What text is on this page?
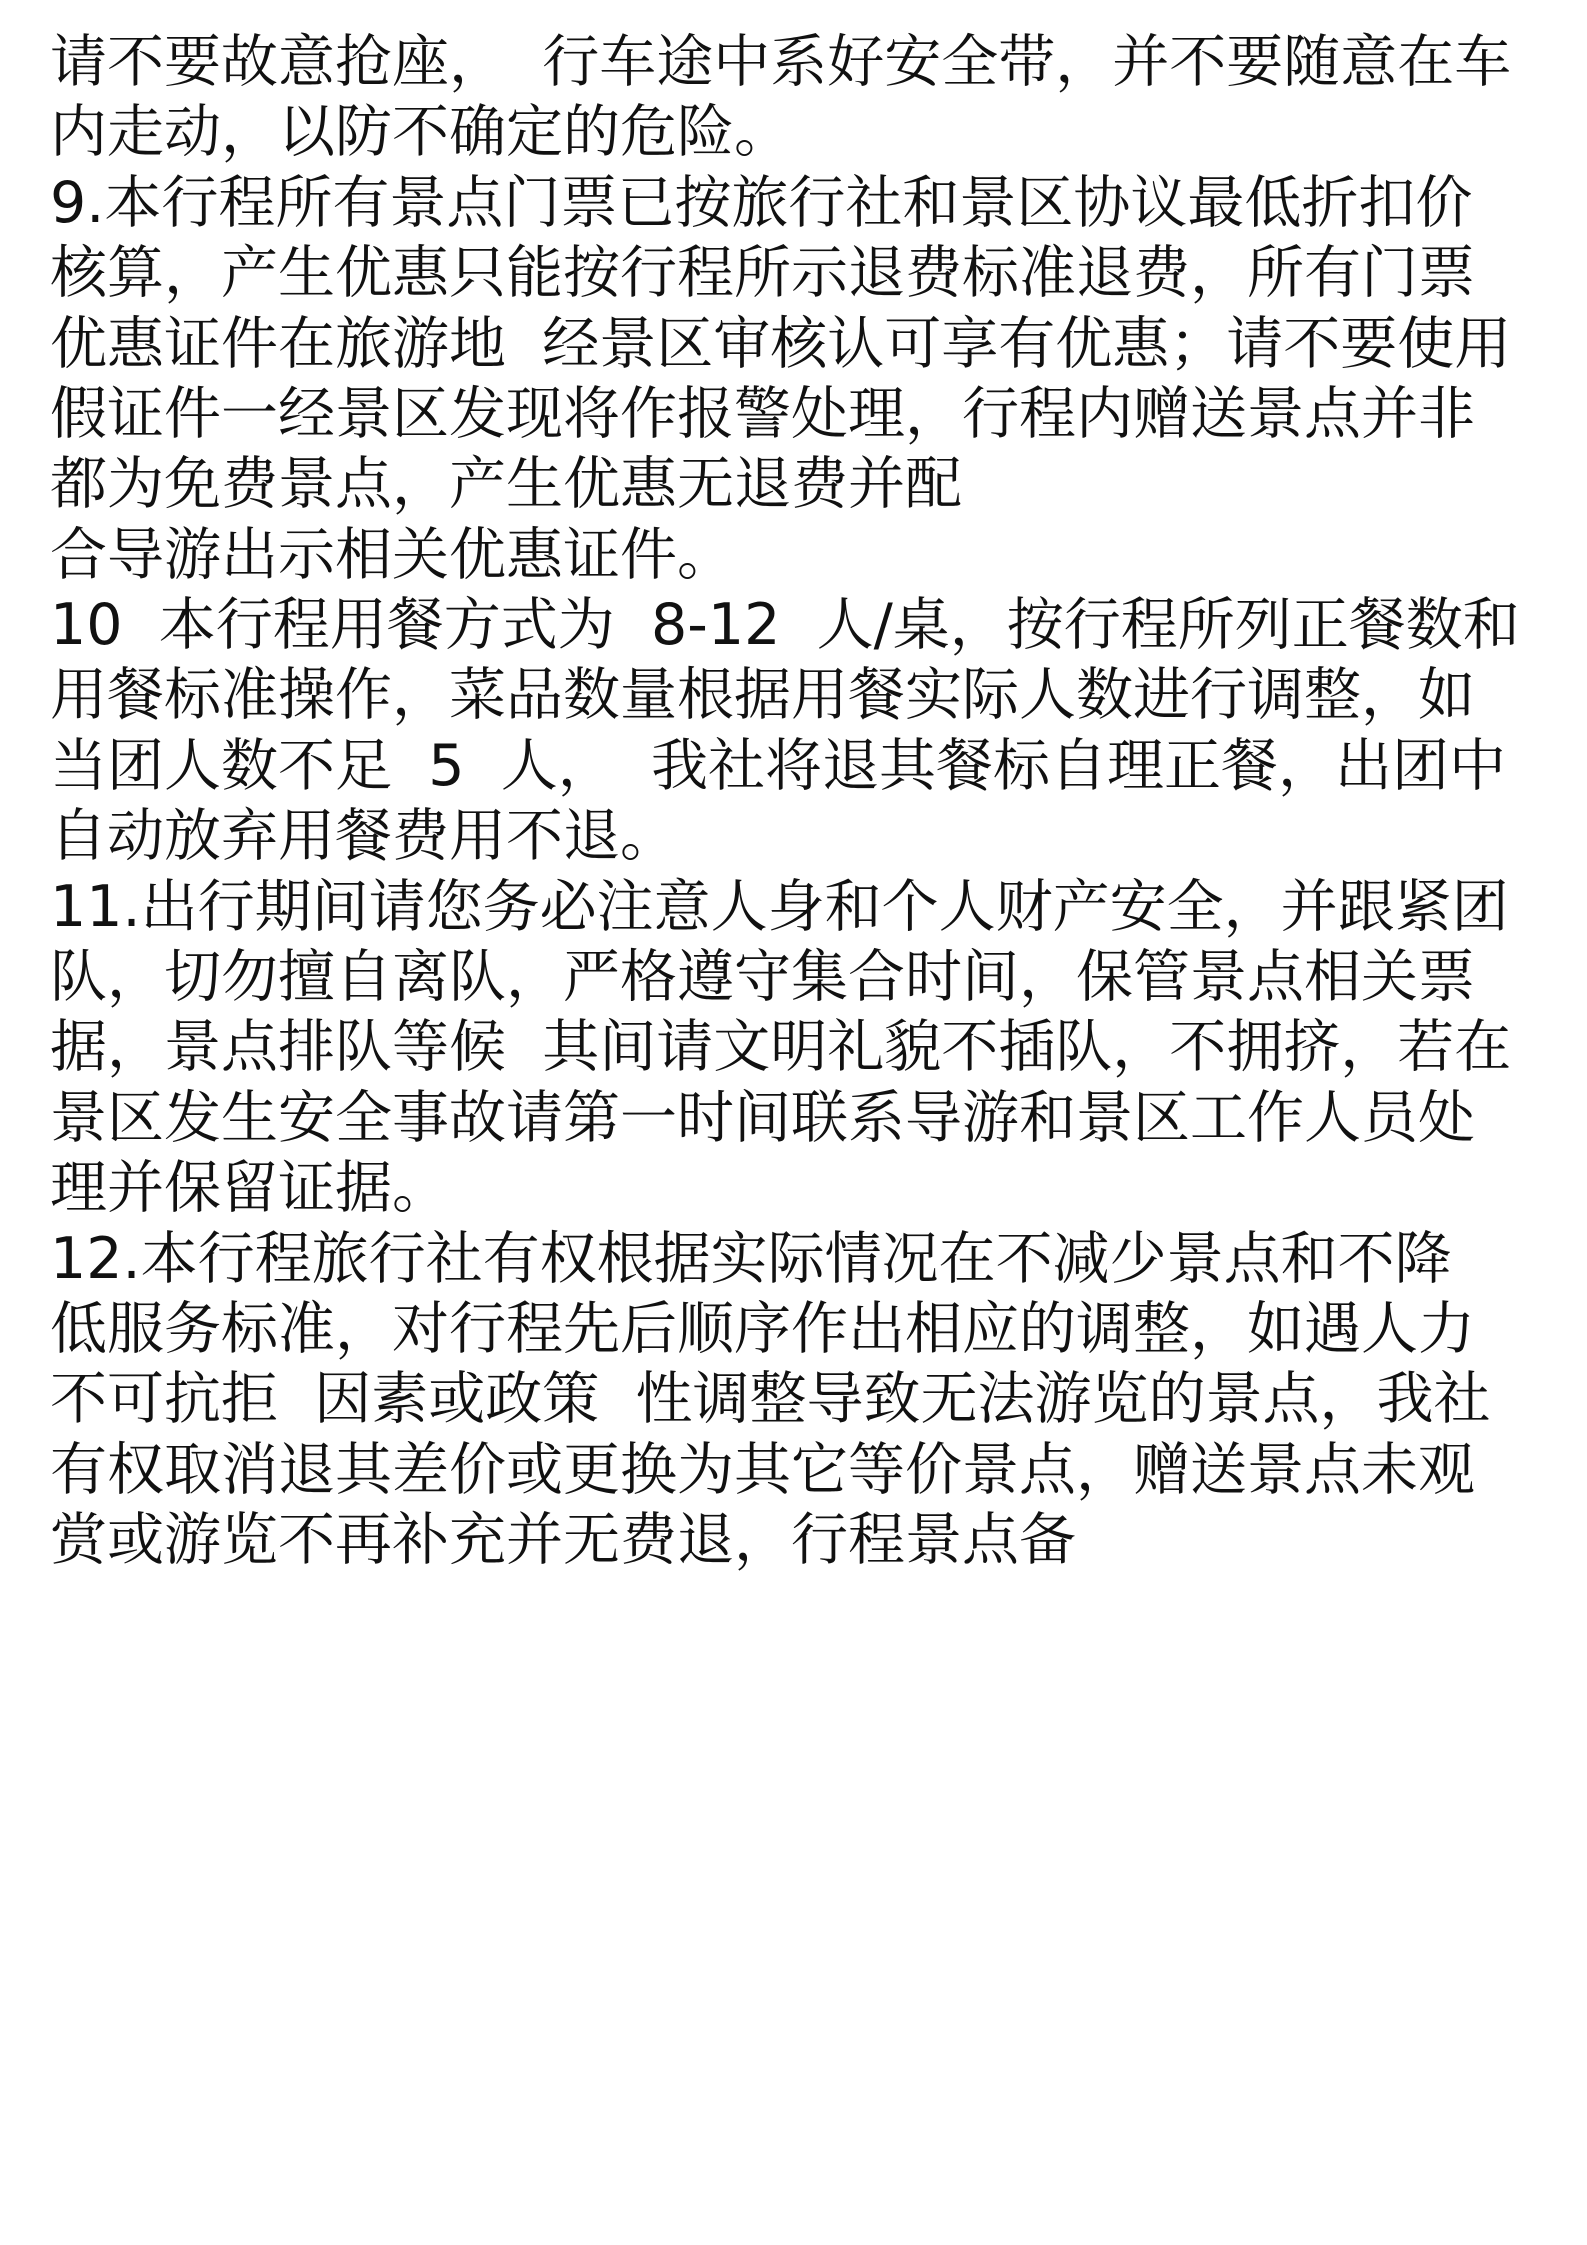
请不要故意抢座，  行车途中系好安全带，并不要随意在车
内走动，以防不确定的危险。
9.本行程所有景点门票已按旅行社和景区协议最低折扣价
核算，产生优惠只能按行程所示退费标准退费，所有门票
优惠证件在旅游地  经景区审核认可享有优惠；请不要使用
假证件一经景区发现将作报警处理，行程内赠送景点并非
都为免费景点，产生优惠无退费并配
合导游出示相关优惠证件。
10  本行程用餐方式为  8-12  人/桌，按行程所列正餐数和
用餐标准操作，菜品数量根据用餐实际人数进行调整，如
当团人数不足  5  人，  我社将退其餐标自理正餐，出团中
自动放弃用餐费用不退。
11.出行期间请您务必注意人身和个人财产安全，并跟紧团
队，切勿擅自离队，严格遵守集合时间，保管景点相关票
据，景点排队等候  其间请文明礼貌不插队，不拥挤，若在
景区发生安全事故请第一时间联系导游和景区工作人员处
理并保留证据。
12.本行程旅行社有权根据实际情况在不减少景点和不降
低服务标准，对行程先后顺序作出相应的调整，如遇人力
不可抗拒  因素或政策  性调整导致无法游览的景点，我社
有权取消退其差价或更换为其它等价景点，赠送景点未观
赏或游览不再补充并无费退，行程景点备
